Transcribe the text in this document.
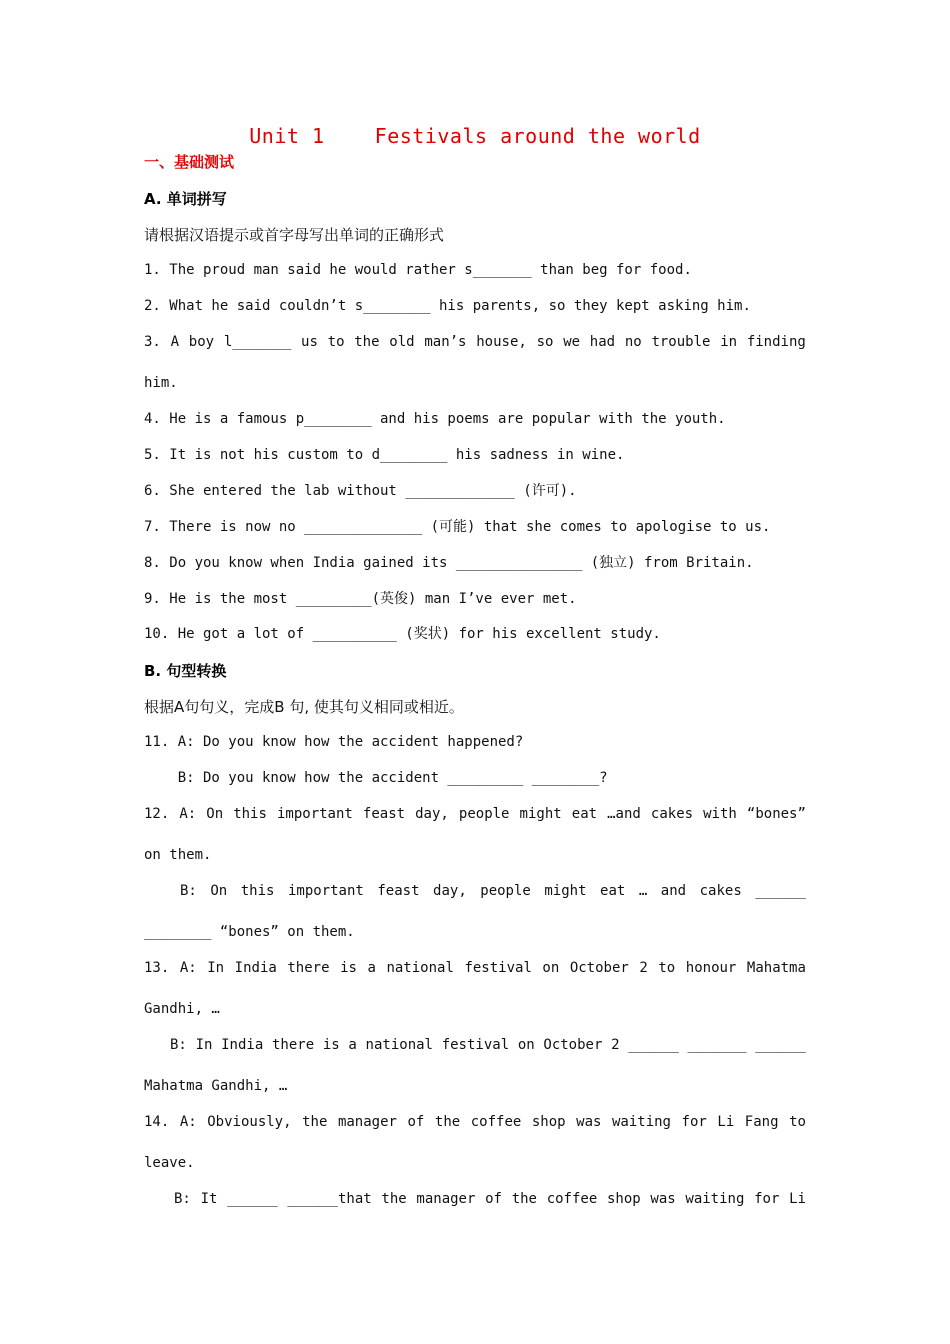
Unit 1    Festivals around the world
一、基础测试
A. 单词拼写
请根据汉语提示或首字母写出单词的正确形式
1. The proud man said he would rather s_______ than beg for food.
2. What he said couldn’t s________ his parents, so they kept asking him.
3. A boy l_______ us to the old man’s house, so we had no trouble in finding
him.
4. He is a famous p________ and his poems are popular with the youth.
5. It is not his custom to d________ his sadness in wine.
6. She entered the lab without _____________ (许可).
7. There is now no ______________ (可能) that she comes to apologise to us.
8. Do you know when India gained its _______________ (独立) from Britain.
9. He is the most _________(英俊) man I’ve ever met.
10. He got a lot of __________ (奖状) for his excellent study.
B. 句型转换
根据A句句义，完成B 句, 使其句义相同或相近。
11. A: Do you know how the accident happened?
B: Do you know how the accident _________ ________?
12. A: On this important feast day, people might eat …and cakes with “bones”
on them.
B: On this important feast day, people might eat … and cakes ______
________ “bones” on them.
13. A: In India there is a national festival on October 2 to honour Mahatma
Gandhi, …
B: In India there is a national festival on October 2 ______ _______ ______
Mahatma Gandhi, …
14. A: Obviously, the manager of the coffee shop was waiting for Li Fang to
leave.
B: It ______ ______that the manager of the coffee shop was waiting for Li
